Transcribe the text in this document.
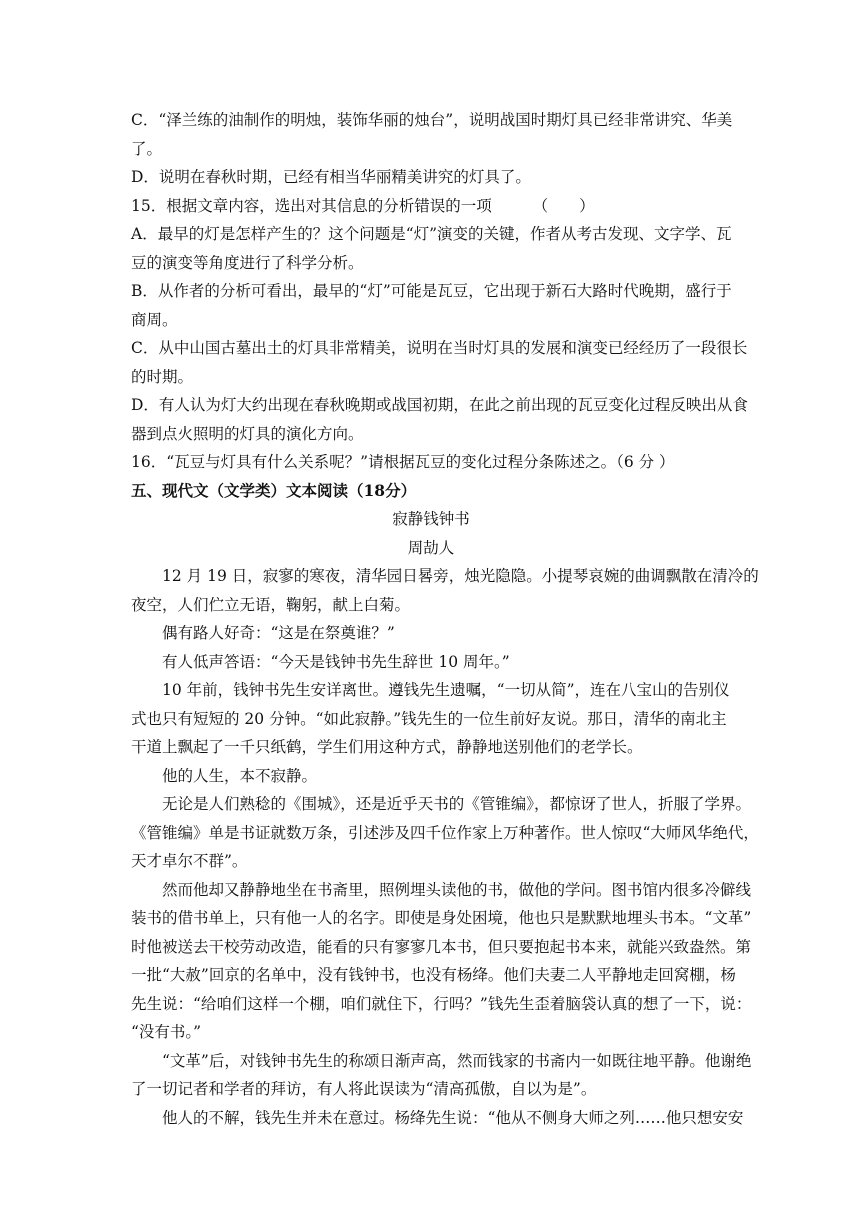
C．“泽兰练的油制作的明烛，装饰华丽的烛台”，说明战国时期灯具已经非常讲究、华美
了。
D．说明在春秋时期，已经有相当华丽精美讲究的灯具了。
15．根据文章内容，选出对其信息的分析错误的一项 　　 （　　）
A．最早的灯是怎样产生的？这个问题是“灯”演变的关键，作者从考古发现、文字学、瓦
豆的演变等角度进行了科学分析。
B．从作者的分析可看出，最早的“灯”可能是瓦豆，它出现于新石大路时代晚期，盛行于
商周。
C．从中山国古墓出土的灯具非常精美，说明在当时灯具的发展和演变已经经历了一段很长
的时期。
D．有人认为灯大约出现在春秋晚期或战国初期，在此之前出现的瓦豆变化过程反映出从食
器到点火照明的灯具的演化方向。
16．“瓦豆与灯具有什么关系呢？”请根据瓦豆的变化过程分条陈述之。（6 分 ）
五、现代文（文学类）文本阅读（18分）
寂静钱钟书
周劼人
12 月 19 日，寂寥的寒夜，清华园日晷旁，烛光隐隐。小提琴哀婉的曲调飘散在清冷的
夜空，人们伫立无语，鞠躬，献上白菊。
偶有路人好奇：“这是在祭奠谁？”
有人低声答语：“今天是钱钟书先生辞世 10 周年。”
10 年前，钱钟书先生安详离世。遵钱先生遗嘱，“一切从简”，连在八宝山的告别仪
式也只有短短的 20 分钟。“如此寂静。”钱先生的一位生前好友说。那日，清华的南北主
干道上飘起了一千只纸鹤，学生们用这种方式，静静地送别他们的老学长。
他的人生，本不寂静。
无论是人们熟稔的《围城》，还是近乎天书的《管锥编》，都惊讶了世人，折服了学界。
《管锥编》单是书证就数万条，引述涉及四千位作家上万种著作。世人惊叹“大师风华绝代，
天才卓尔不群”。
然而他却又静静地坐在书斋里，照例埋头读他的书，做他的学问。图书馆内很多冷僻线
装书的借书单上，只有他一人的名字。即使是身处困境，他也只是默默地埋头书本。“文革”
时他被送去干校劳动改造，能看的只有寥寥几本书，但只要抱起书本来，就能兴致盎然。第
一批“大赦”回京的名单中，没有钱钟书，也没有杨绛。他们夫妻二人平静地走回窝棚，杨
先生说：“给咱们这样一个棚，咱们就住下，行吗？”钱先生歪着脑袋认真的想了一下，说：
“没有书。”
“文革”后，对钱钟书先生的称颂日渐声高，然而钱家的书斋内一如既往地平静。他谢绝
了一切记者和学者的拜访，有人将此误读为“清高孤傲，自以为是”。
他人的不解，钱先生并未在意过。杨绛先生说：“他从不侧身大师之列……他只想安安
